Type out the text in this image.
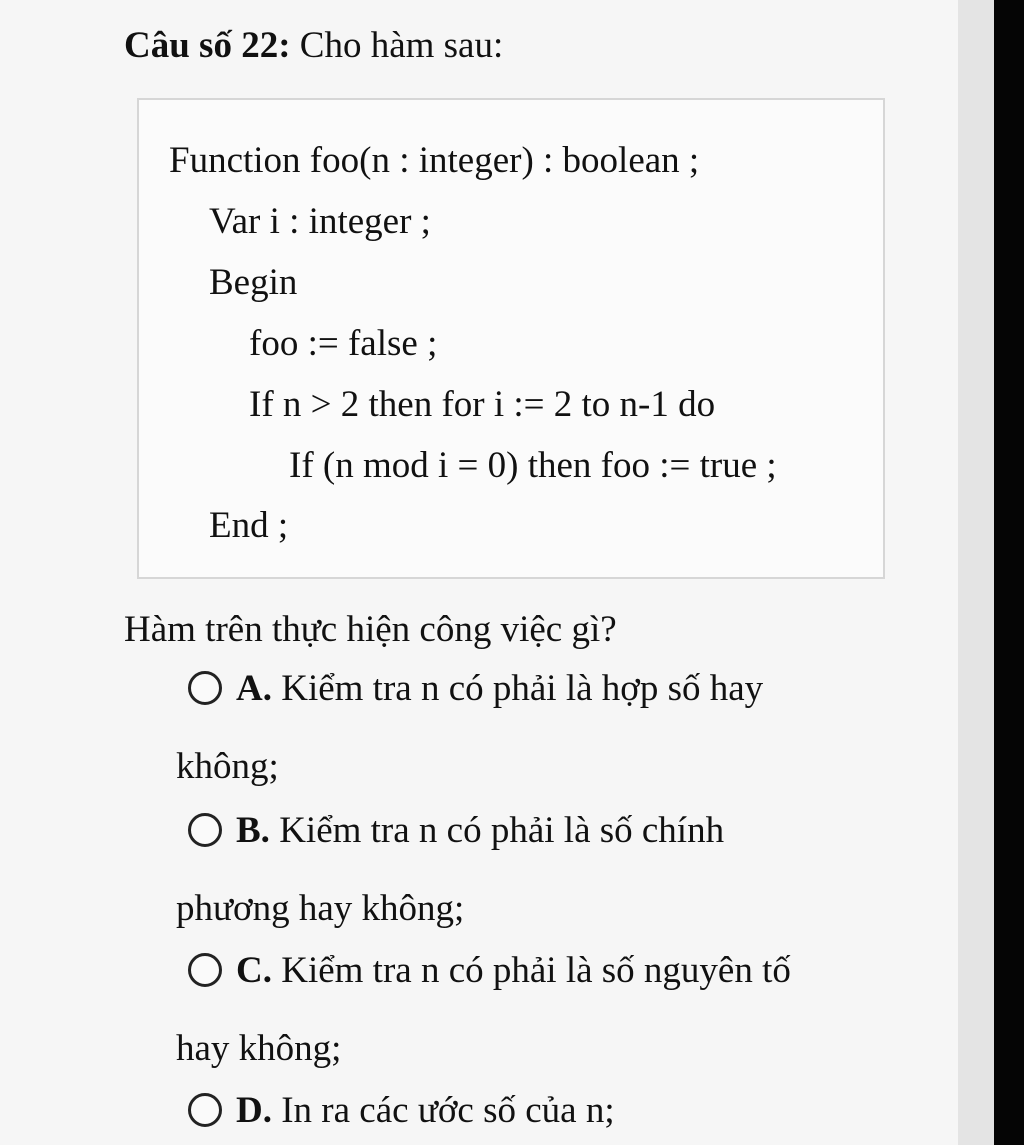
Câu số 22: Cho hàm sau:
Function foo(n : integer) : boolean ;
Var i : integer ;
Begin
foo := false ;
If n > 2 then for i := 2 to n-1 do
If (n mod i = 0) then foo := true ;
End ;
Hàm trên thực hiện công việc gì?
A. Kiểm tra n có phải là hợp số hay
không;
B. Kiểm tra n có phải là số chính
phương hay không;
C. Kiểm tra n có phải là số nguyên tố
hay không;
D. In ra các ước số của n;
